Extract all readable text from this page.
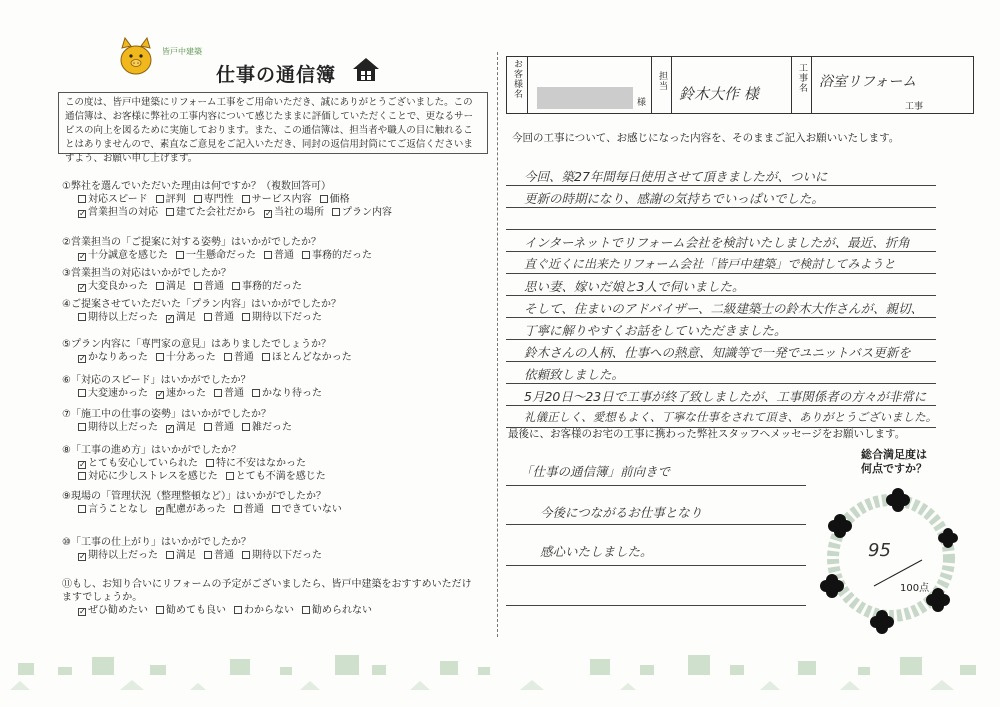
皆戸中建築
仕事の通信簿
この度は、皆戸中建築にリフォーム工事をご用命いただき、誠にありがとうございました。この通信簿は、お客様に弊社の工事内容について感じたままに評価していただくことで、更なるサービスの向上を図るために実施しております。また、この通信簿は、担当者や職人の目に触れることはありませんので、素直なご意見をご記入いただき、同封の返信用封筒にてご返信くださいますよう、お願い申し上げます。
①弊社を選んでいただいた理由は何ですか？（複数回答可）
対応スピード 評判 専門性 サービス内容 価格
✓ 営業担当の対応 建てた会社だから ✓ 当社の場所 プラン内容
②営業担当の「ご提案に対する姿勢」はいかがでしたか？
✓ 十分誠意を感じた 一生懸命だった 普通 事務的だった
③営業担当の対応はいかがでしたか？
✓ 大変良かった 満足 普通 事務的だった
④ご提案させていただいた「プラン内容」はいかがでしたか？
期待以上だった ✓ 満足 普通 期待以下だった
⑤プラン内容に「専門家の意見」はありましたでしょうか？
✓ かなりあった 十分あった 普通 ほとんどなかった
⑥「対応のスピード」はいかがでしたか？
大変速かった ✓ 速かった 普通 かなり待った
⑦「施工中の仕事の姿勢」はいかがでしたか？
期待以上だった ✓ 満足 普通 雑だった
⑧「工事の進め方」はいかがでしたか？
✓ とても安心していられた 特に不安はなかった
対応に少しストレスを感じた とても不満を感じた
⑨現場の「管理状況（整理整頓など）」はいかがでしたか？
言うことなし ✓ 配慮があった 普通 できていない
⑩「工事の仕上がり」はいかがでしたか？
✓ 期待以上だった 満足 普通 期待以下だった
⑪もし、お知り合いにリフォームの予定がございましたら、皆戸中建築をおすすめいただけますでしょうか。
✓ ぜひ勧めたい 勧めても良い わからない 勧められない
お客様名
様
担当
鈴木大作 様
工事名 浴室リフォーム
工事
今回の工事について、お感じになった内容を、そのままご記入お願いいたします。
今回、築27年間毎日使用させて頂きましたが、ついに
更新の時期になり、感謝の気持ちでいっぱいでした。
インターネットでリフォーム会社を検討いたしましたが、最近、折角
直ぐ近くに出来たリフォーム会社「皆戸中建築」で検討してみようと
思い妻、嫁いだ娘と3人で伺いました。
そして、住まいのアドバイザー、二級建築士の鈴木大作さんが、親切、
丁寧に解りやすくお話をしていただきました。
鈴木さんの人柄、仕事への熱意、知識等で一発でユニットバス更新を
依頼致しました。
5月20日〜23日で工事が終了致しましたが、工事関係者の方々が非常に
礼儀正しく、愛想もよく、丁寧な仕事をされて頂き、ありがとうございました。
最後に、お客様のお宅の工事に携わった弊社スタッフへメッセージをお願いします。
「仕事の通信簿」前向きで
今後につながるお仕事となり
感心いたしました。
総合満足度は
何点ですか？
95
100点
